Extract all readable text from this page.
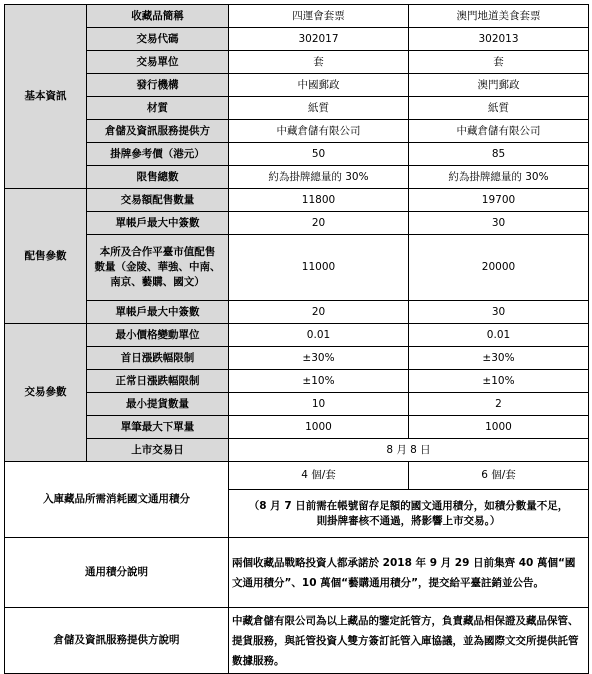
基本資訊	收藏品簡稱	四運會套票	澳門地道美食套票
	交易代碼	302017	302013
	交易單位	套	套
	發行機構	中國郵政	澳門郵政
	材質	紙質	紙質
	倉儲及資訊服務提供方	中藏倉儲有限公司	中藏倉儲有限公司
	掛牌參考價（港元）	50	85
	限售總數	約為掛牌總量的 30%	約為掛牌總量的 30%
配售參數	交易額配售數量	11800	19700
	單帳戶最大中簽數	20	30

	本所及合作平臺市值配售
數量（金陵、華強、中南、
南京、藝購、國文）	11000	20000
	單帳戶最大中簽數	20	30
交易參數	最小價格變動單位	0.01	0.01
	首日漲跌幅限制	±30%	±30%
	正常日漲跌幅限制	±10%	±10%
	最小提貨數量	10	2
	單筆最大下單量	1000	1000
	上市交易日	8 月 8 日	
入庫藏品所需消耗國文通用積分		4 個/套	6 個/套

		（8 月 7 日前需在帳號留存足額的國文通用積分，如積分數量不足，
則掛牌審核不通過，將影響上市交易。）	

通用積分說明		兩個收藏品戰略投資人都承諾於 2018 年 9 月 29 日前集齊 40 萬個“國文通用積分”、10 萬個“藝購通用積分”，提交給平臺註銷並公告。	
倉儲及資訊服務提供方說明		中藏倉儲有限公司為以上藏品的鑒定託管方，負責藏品相保證及藏品保管、提貨服務，與託管投資人雙方簽訂託管入庫協議，並為國際文交所提供託管數據服務。	
